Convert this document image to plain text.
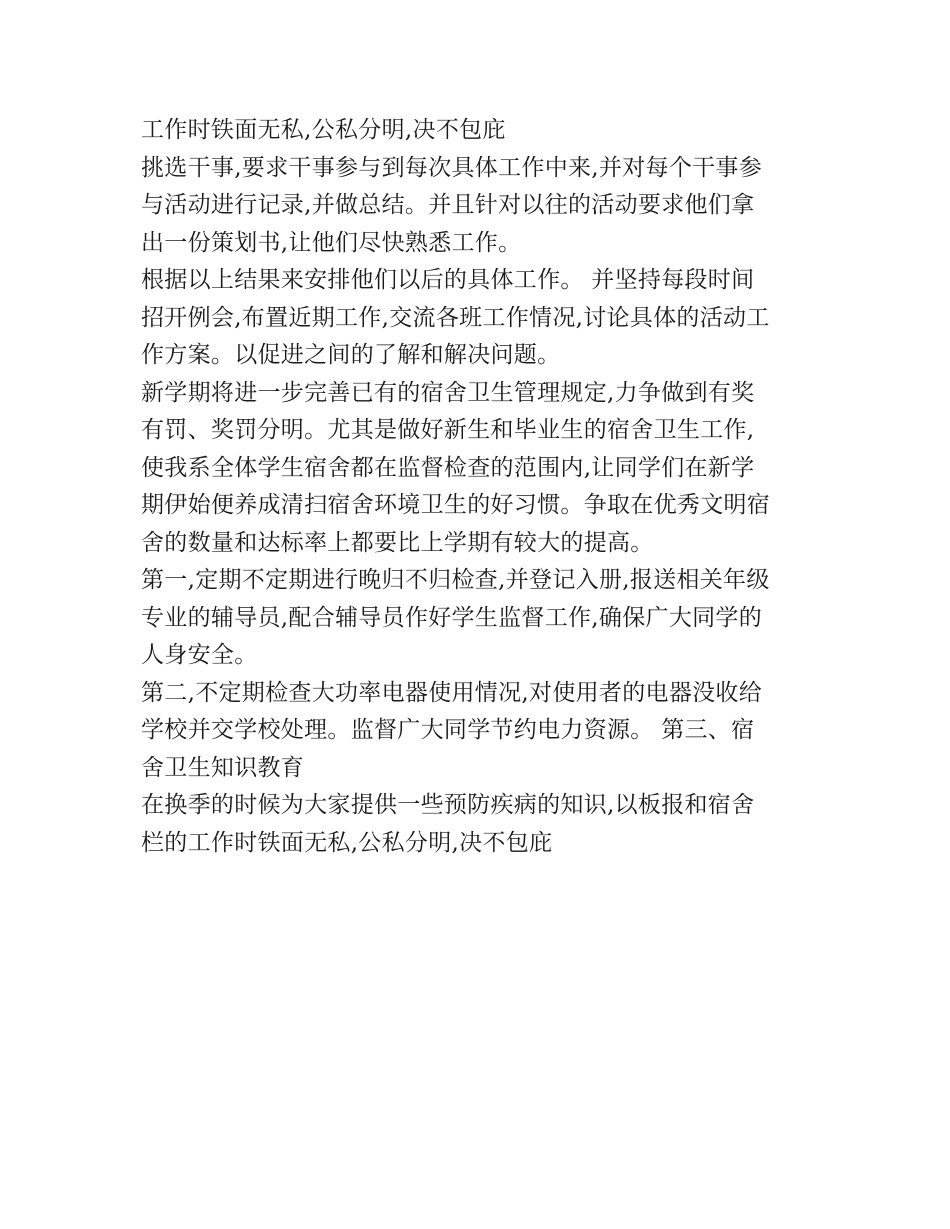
工作时铁面无私,公私分明,决不包庇
挑选干事,要求干事参与到每次具体工作中来,并对每个干事参
与活动进行记录,并做总结。并且针对以往的活动要求他们拿
出一份策划书,让他们尽快熟悉工作。
根据以上结果来安排他们以后的具体工作。 并坚持每段时间
招开例会,布置近期工作,交流各班工作情况,讨论具体的活动工
作方案。以促进之间的了解和解决问题。
新学期将进一步完善已有的宿舍卫生管理规定,力争做到有奖
有罚、奖罚分明。尤其是做好新生和毕业生的宿舍卫生工作,
使我系全体学生宿舍都在监督检查的范围内,让同学们在新学
期伊始便养成清扫宿舍环境卫生的好习惯。争取在优秀文明宿
舍的数量和达标率上都要比上学期有较大的提高。
第一,定期不定期进行晚归不归检查,并登记入册,报送相关年级
专业的辅导员,配合辅导员作好学生监督工作,确保广大同学的
人身安全。
第二,不定期检查大功率电器使用情况,对使用者的电器没收给
学校并交学校处理。监督广大同学节约电力资源。 第三、宿
舍卫生知识教育
在换季的时候为大家提供一些预防疾病的知识,以板报和宿舍
栏的工作时铁面无私,公私分明,决不包庇
